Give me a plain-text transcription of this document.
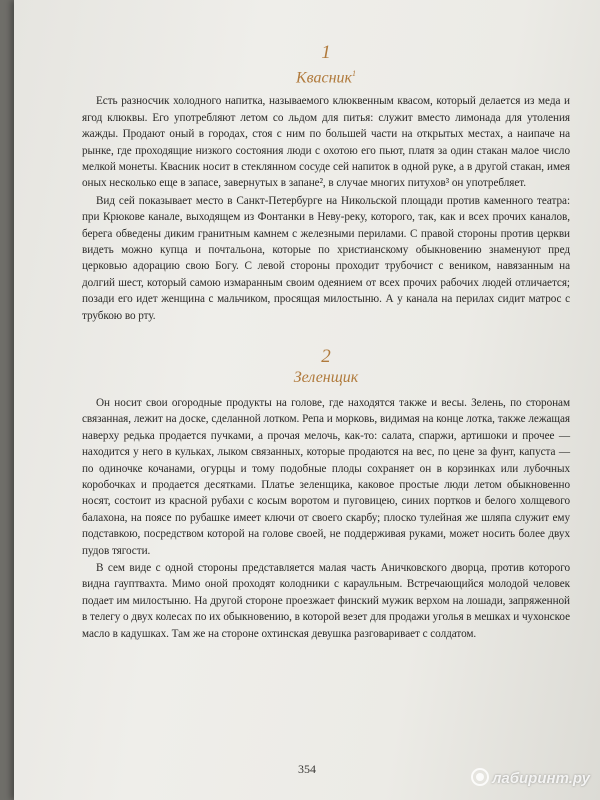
1
Квасник$^1$

Есть разносчик холодного напитка, называемого клюквенным квасом, который делается из меда и ягод клюквы. Его употребляют летом со льдом для питья: служит вместо лимонада для утоления жажды. Продают оный в городах, стоя с ним по большей части на открытых местах, а наипаче на рынке, где проходящие низкого состояния люди с охотою его пьют, платя за один стакан малое число мелкой монеты. Квасник носит в стеклянном сосуде сей напиток в одной руке, а в другой стакан, имея оных несколько еще в запасе, завернутых в запане², в случае многих питухов³ он употребляет.

Вид сей показывает место в Санкт-Петербурге на Никольской площади против каменного театра: при Крюкове канале, выходящем из Фонтанки в Неву-реку, которого, так, как и всех прочих каналов, берега обведены диким гранитным камнем с железными перилами. С правой стороны против церкви видеть можно купца и почтальона, которые по христианскому обыкновению знаменуют пред церковью адорацию свою Богу. С левой стороны проходит трубочист с веником, навязанным на долгий шест, который самою измаранным своим одеянием от всех прочих рабочих людей отличается; позади его идет женщина с мальчиком, просящая милостыню. А у канала на перилах сидит матрос с трубкою во рту.

2
Зеленщик

Он носит свои огородные продукты на голове, где находятся также и весы. Зелень, по сторонам связанная, лежит на доске, сделанной лотком. Репа и морковь, видимая на конце лотка, также лежащая наверху редька продается пучками, а прочая мелочь, как-то: салата, спаржи, артишоки и прочее — находится у него в кульках, лыком связанных, которые продаются на вес, по цене за фунт, капуста — по одиночке кочанами, огурцы и тому подобные плоды сохраняет он в корзинках или лубочных коробочках и продается десятками. Платье зеленщика, каковое простые люди летом обыкновенно носят, состоит из красной рубахи с косым воротом и пуговицею, синих портков и белого холщевого балахона, на поясе по рубашке имеет ключи от своего скарбу; плоско тулейная же шляпа служит ему подставкою, посредством которой на голове своей, не поддерживая руками, может носить более двух пудов тягости.

В сем виде с одной стороны представляется малая часть Аничковского дворца, против которого видна гауптвахта. Мимо оной проходят колодники с караульным. Встречающийся молодой человек подает им милостыню. На другой стороне проезжает финский мужик верхом на лошади, запряженной в телегу о двух колесах по их обыкновению, в которой везет для продажи уголья в мешках и чухонское масло в кадушках. Там же на стороне охтинская девушка разговаривает с солдатом.

354
лабиринт.ру
